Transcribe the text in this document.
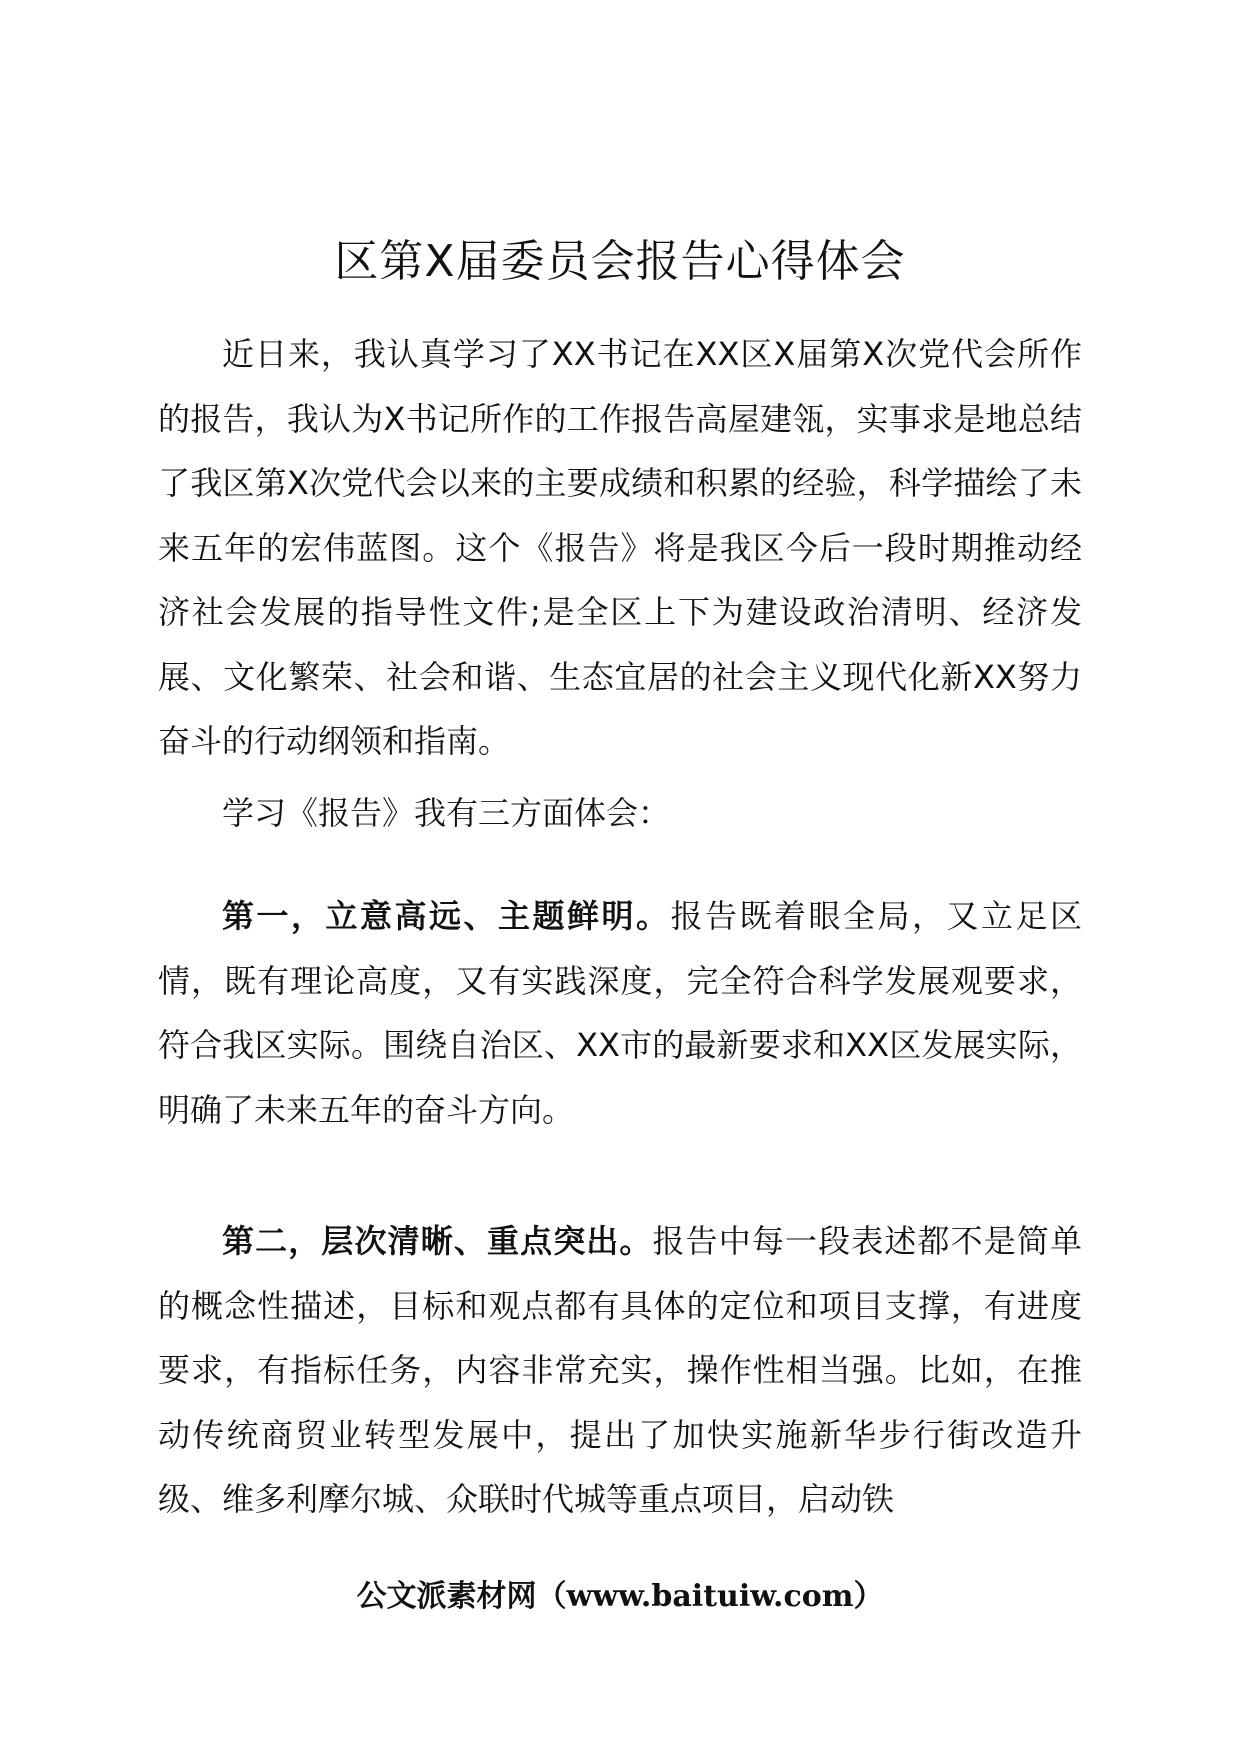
区第X届委员会报告心得体会

近日来，我认真学习了XX书记在XX区X届第X次党代会所作的报告，我认为X书记所作的工作报告高屋建瓴，实事求是地总结了我区第X次党代会以来的主要成绩和积累的经验，科学描绘了未来五年的宏伟蓝图。这个《报告》将是我区今后一段时期推动经济社会发展的指导性文件;是全区上下为建设政治清明、经济发展、文化繁荣、社会和谐、生态宜居的社会主义现代化新XX努力奋斗的行动纲领和指南。

学习《报告》我有三方面体会：

第一，立意高远、主题鲜明。报告既着眼全局，又立足区情，既有理论高度，又有实践深度，完全符合科学发展观要求，符合我区实际。围绕自治区、XX市的最新要求和XX区发展实际，明确了未来五年的奋斗方向。

第二，层次清晰、重点突出。报告中每一段表述都不是简单的概念性描述，目标和观点都有具体的定位和项目支撑，有进度要求，有指标任务，内容非常充实，操作性相当强。比如，在推动传统商贸业转型发展中，提出了加快实施新华步行街改造升级、维多利摩尔城、众联时代城等重点项目，启动铁

公文派素材网（www.baituiw.com）
